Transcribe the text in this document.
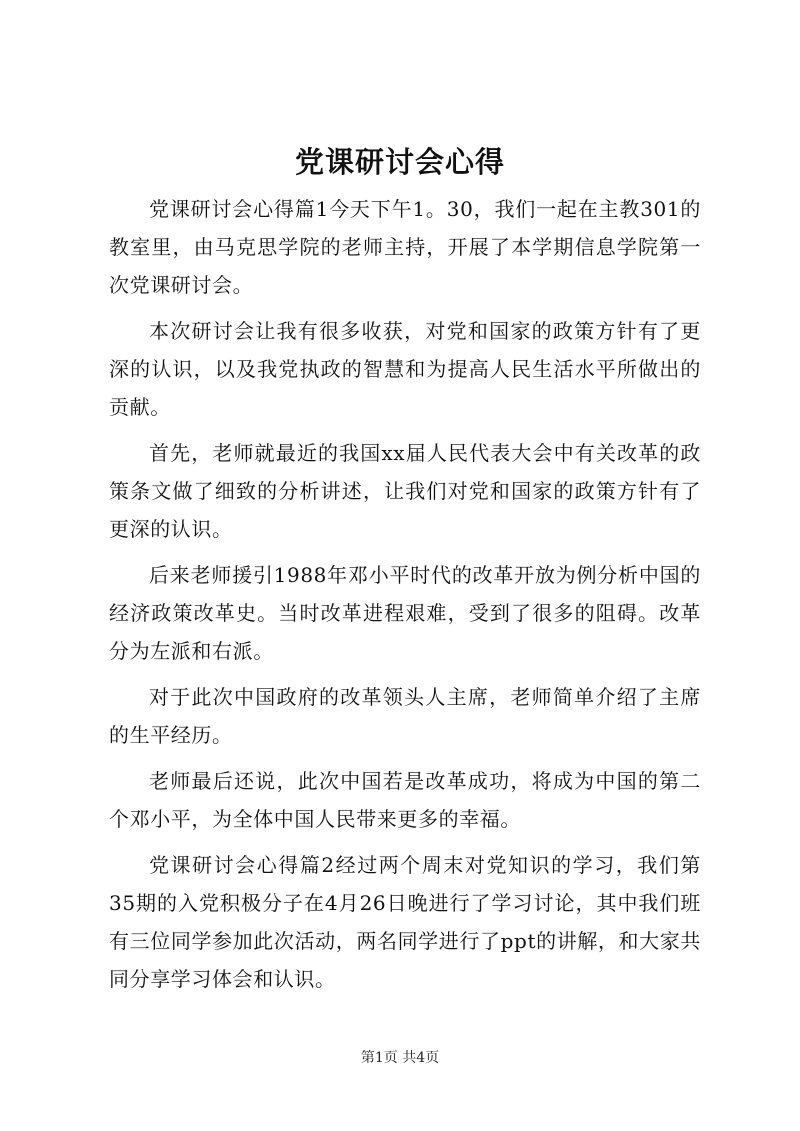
党课研讨会心得

党课研讨会心得篇1今天下午1。30，我们一起在主教301的教室里，由马克思学院的老师主持，开展了本学期信息学院第一次党课研讨会。

本次研讨会让我有很多收获，对党和国家的政策方针有了更深的认识，以及我党执政的智慧和为提高人民生活水平所做出的贡献。

首先，老师就最近的我国xx届人民代表大会中有关改革的政策条文做了细致的分析讲述，让我们对党和国家的政策方针有了更深的认识。

后来老师援引1988年邓小平时代的改革开放为例分析中国的经济政策改革史。当时改革进程艰难，受到了很多的阻碍。改革分为左派和右派。

对于此次中国政府的改革领头人主席，老师简单介绍了主席的生平经历。

老师最后还说，此次中国若是改革成功，将成为中国的第二个邓小平，为全体中国人民带来更多的幸福。

党课研讨会心得篇2经过两个周末对党知识的学习，我们第35期的入党积极分子在4月26日晚进行了学习讨论，其中我们班有三位同学参加此次活动，两名同学进行了ppt的讲解，和大家共同分享学习体会和认识。

第1页 共4页
